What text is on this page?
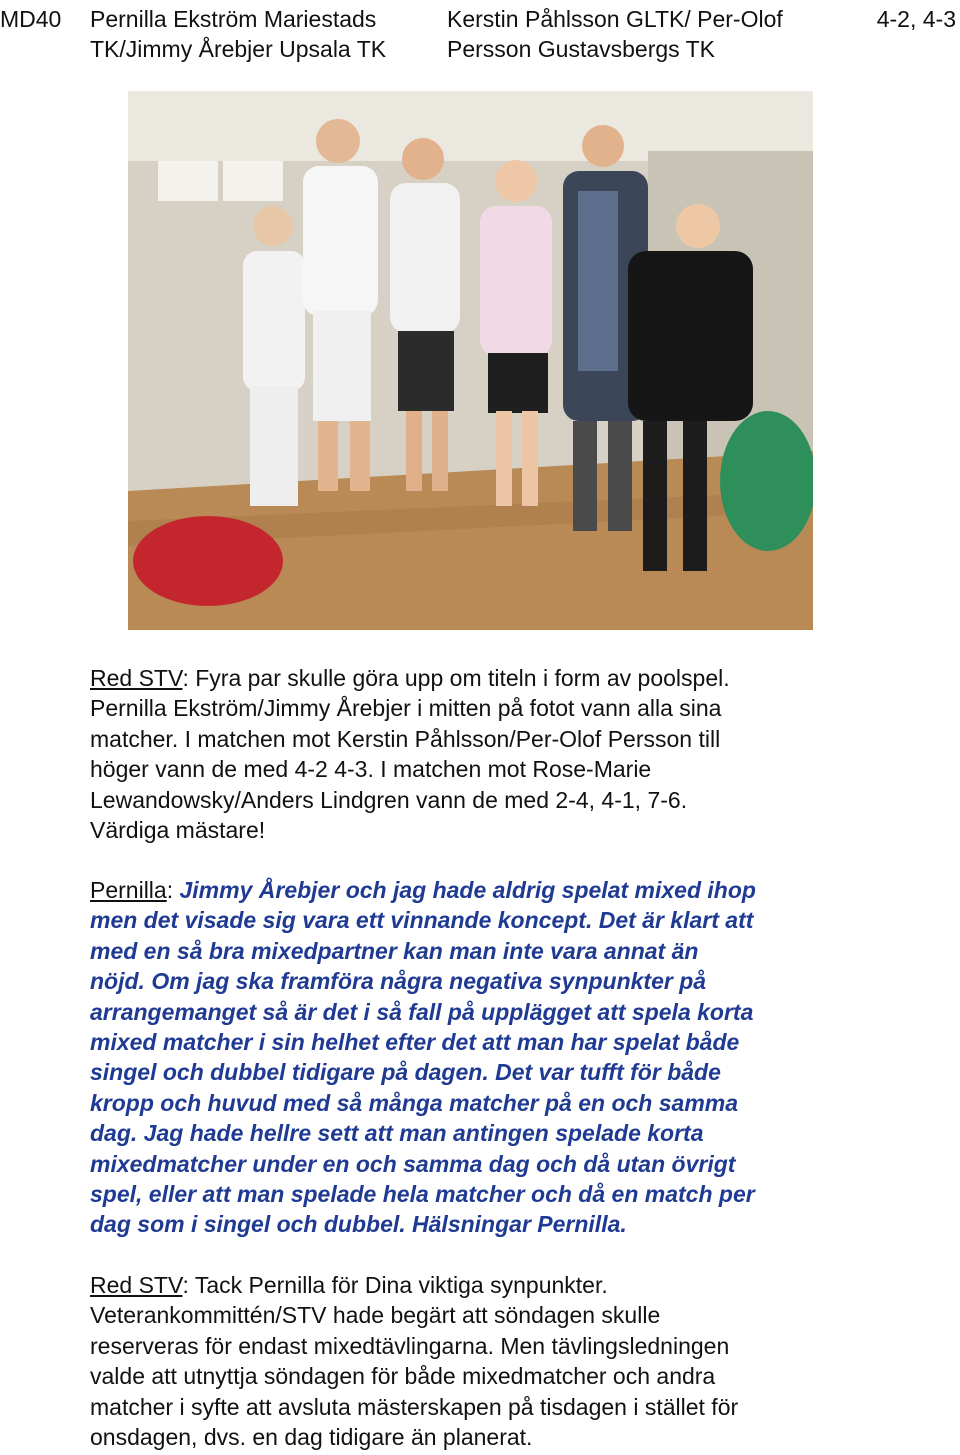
MD40 Pernilla Ekström Mariestads
TK/Jimmy Årebjer Upsala TK
Kerstin Påhlsson GLTK/ Per-Olof
Persson Gustavsbergs TK
4-2, 4-3
Red STV: Fyra par skulle göra upp om titeln i form av poolspel.
Pernilla Ekström/Jimmy Årebjer i mitten på fotot vann alla sina
matcher. I matchen mot Kerstin Påhlsson/Per-Olof Persson till
höger vann de med 4-2 4-3. I matchen mot Rose-Marie
Lewandowsky/Anders Lindgren vann de med 2-4, 4-1, 7-6.
Värdiga mästare!
Pernilla: Jimmy Årebjer och jag hade aldrig spelat mixed ihop
men det visade sig vara ett vinnande koncept. Det är klart att
med en så bra mixedpartner kan man inte vara annat än
nöjd. Om jag ska framföra några negativa synpunkter på
arrangemanget så är det i så fall på upplägget att spela korta
mixed matcher i sin helhet efter det att man har spelat både
singel och dubbel tidigare på dagen. Det var tufft för både
kropp och huvud med så många matcher på en och samma
dag. Jag hade hellre sett att man antingen spelade korta
mixedmatcher under en och samma dag och då utan övrigt
spel, eller att man spelade hela matcher och då en match per
dag som i singel och dubbel. Hälsningar Pernilla.
Red STV: Tack Pernilla för Dina viktiga synpunkter.
Veterankommittén/STV hade begärt att söndagen skulle
reserveras för endast mixedtävlingarna. Men tävlingsledningen
valde att utnyttja söndagen för både mixedmatcher och andra
matcher i syfte att avsluta mästerskapen på tisdagen i stället för
onsdagen, dvs. en dag tidigare än planerat.
